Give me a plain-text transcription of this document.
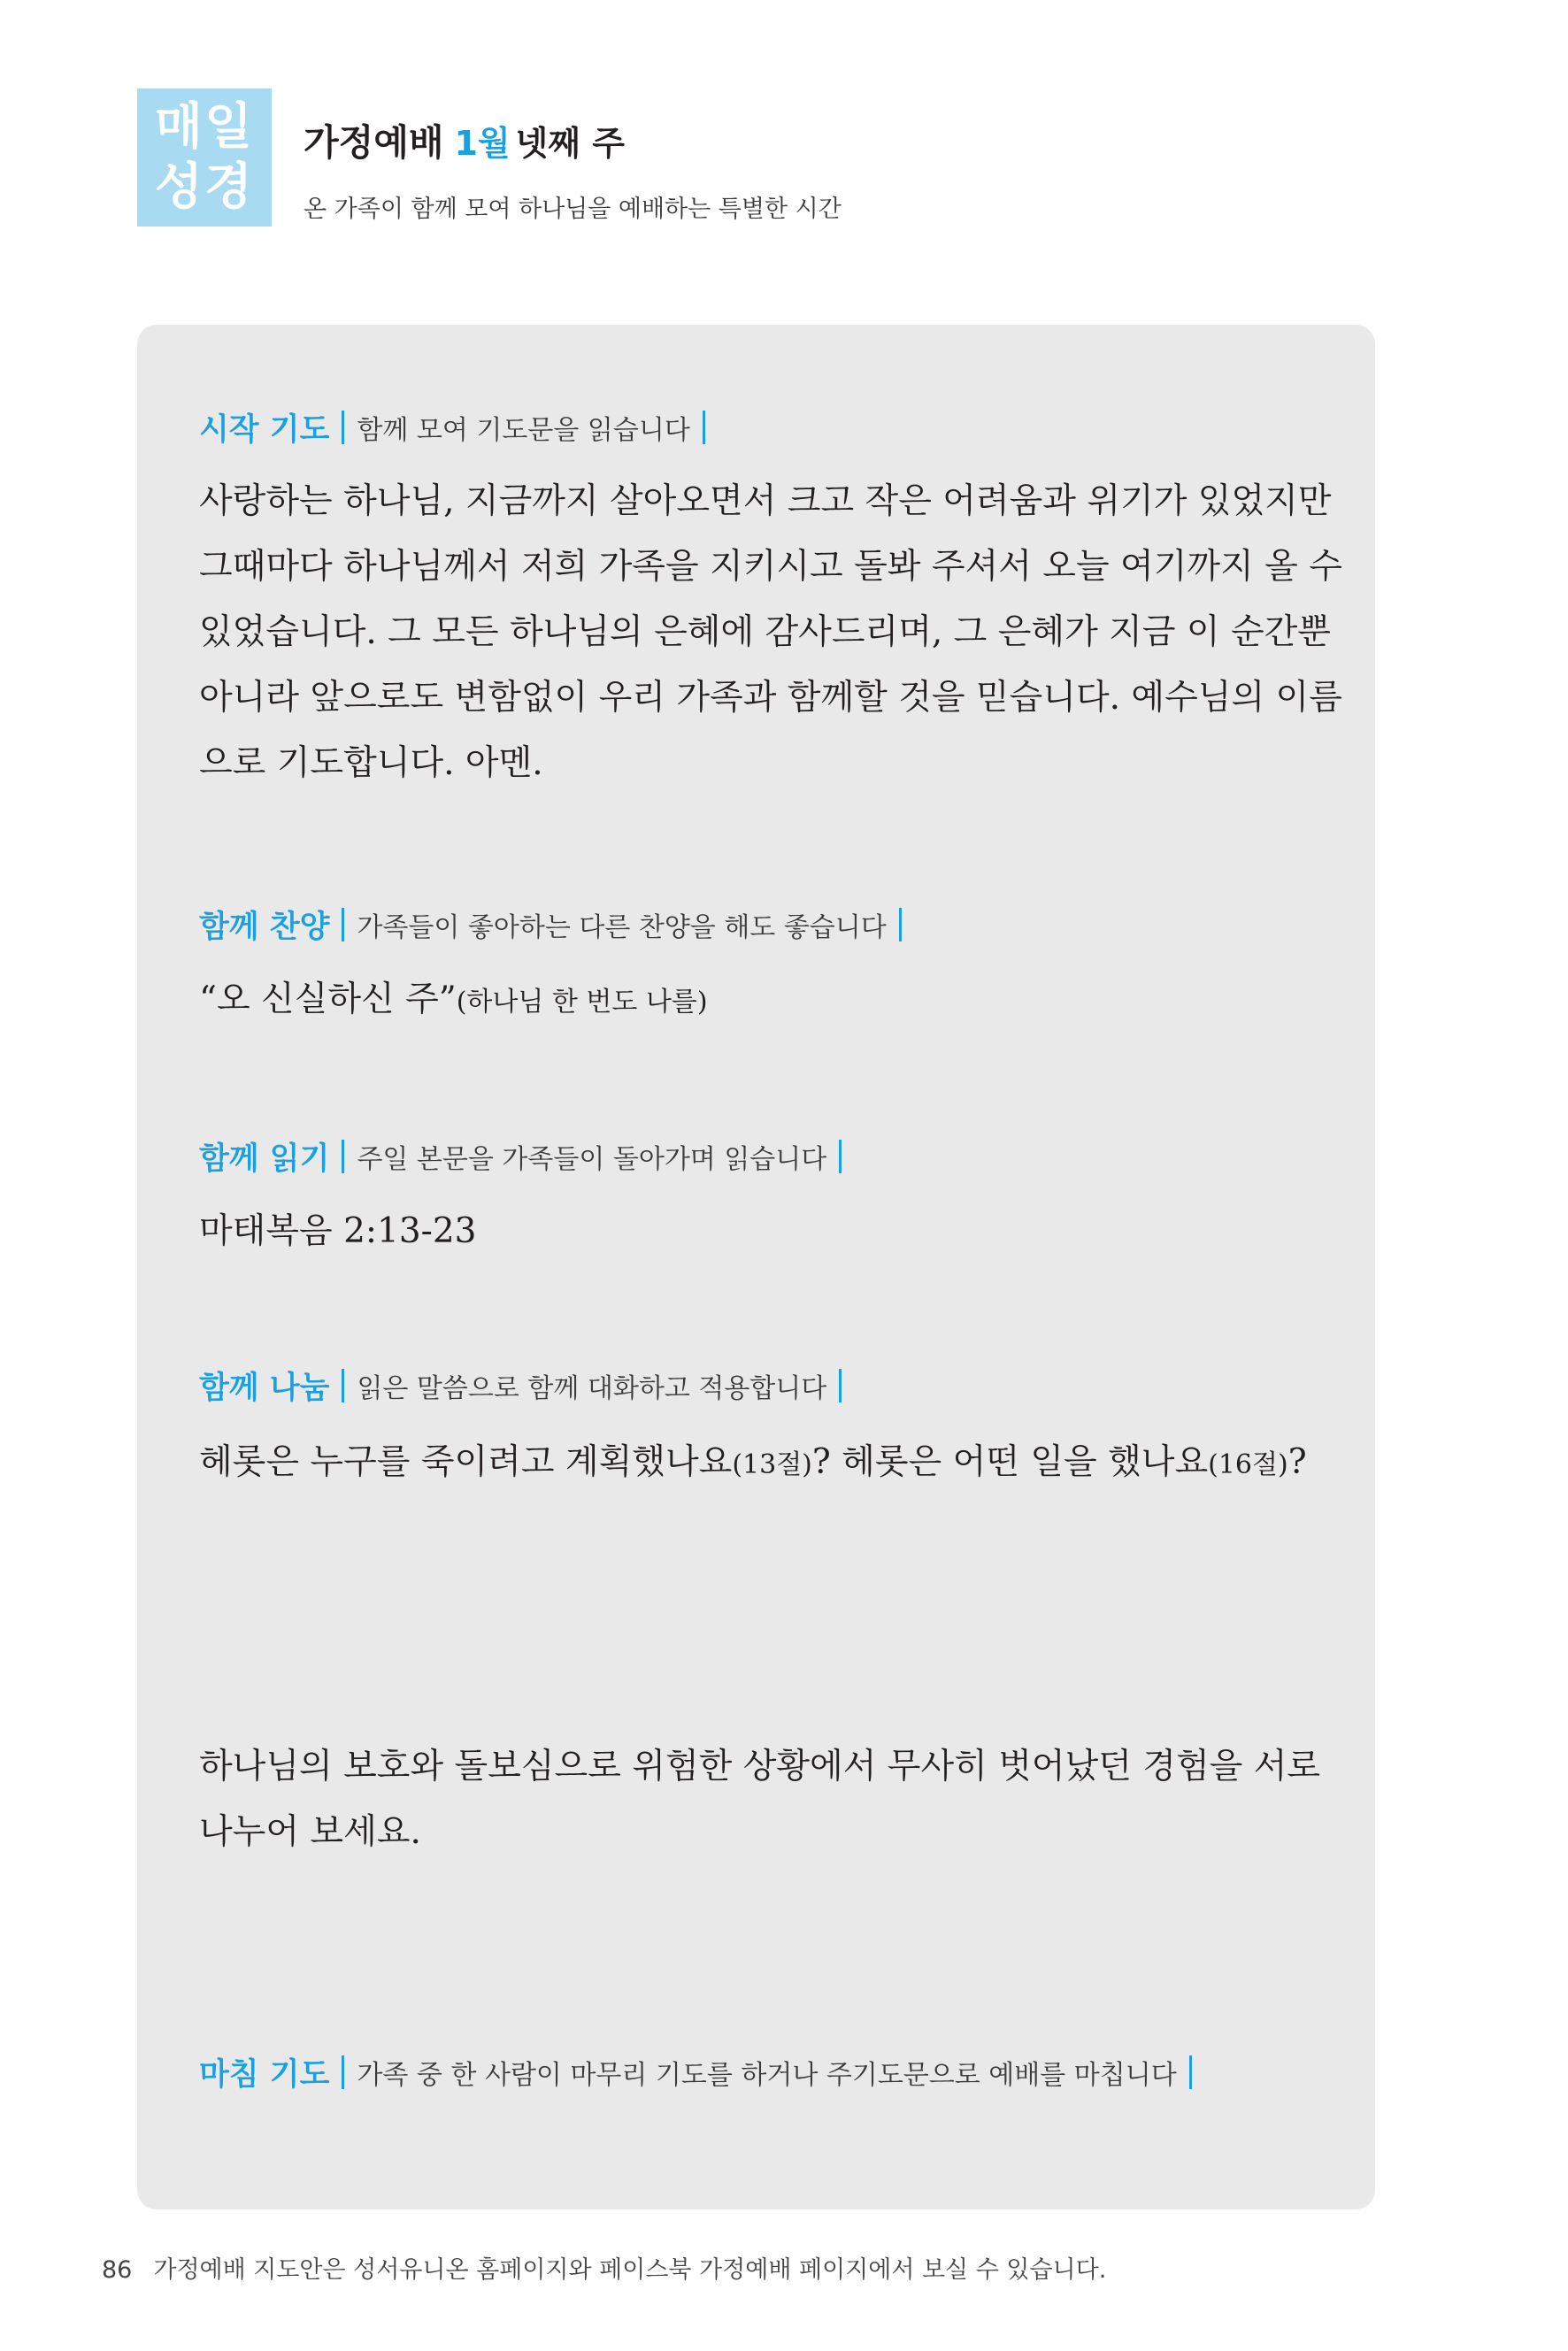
매일
성경
가정예배 1월 넷째 주
온 가족이 함께 모여 하나님을 예배하는 특별한 시간
시작 기도 함께 모여 기도문을 읽습니다
사랑하는 하나님, 지금까지 살아오면서 크고 작은 어려움과 위기가 있었지만
그때마다 하나님께서 저희 가족을 지키시고 돌봐 주셔서 오늘 여기까지 올 수
있었습니다. 그 모든 하나님의 은혜에 감사드리며, 그 은혜가 지금 이 순간뿐
아니라 앞으로도 변함없이 우리 가족과 함께할 것을 믿습니다. 예수님의 이름
으로 기도합니다. 아멘.
함께 찬양 가족들이 좋아하는 다른 찬양을 해도 좋습니다
“오 신실하신 주”(하나님 한 번도 나를)
함께 읽기 주일 본문을 가족들이 돌아가며 읽습니다
마태복음 2:13-23
함께 나눔 읽은 말씀으로 함께 대화하고 적용합니다
헤롯은 누구를 죽이려고 계획했나요(13절)? 헤롯은 어떤 일을 했나요(16절)?
하나님의 보호와 돌보심으로 위험한 상황에서 무사히 벗어났던 경험을 서로
나누어 보세요.
마침 기도 가족 중 한 사람이 마무리 기도를 하거나 주기도문으로 예배를 마칩니다
86 가정예배 지도안은 성서유니온 홈페이지와 페이스북 가정예배 페이지에서 보실 수 있습니다.
